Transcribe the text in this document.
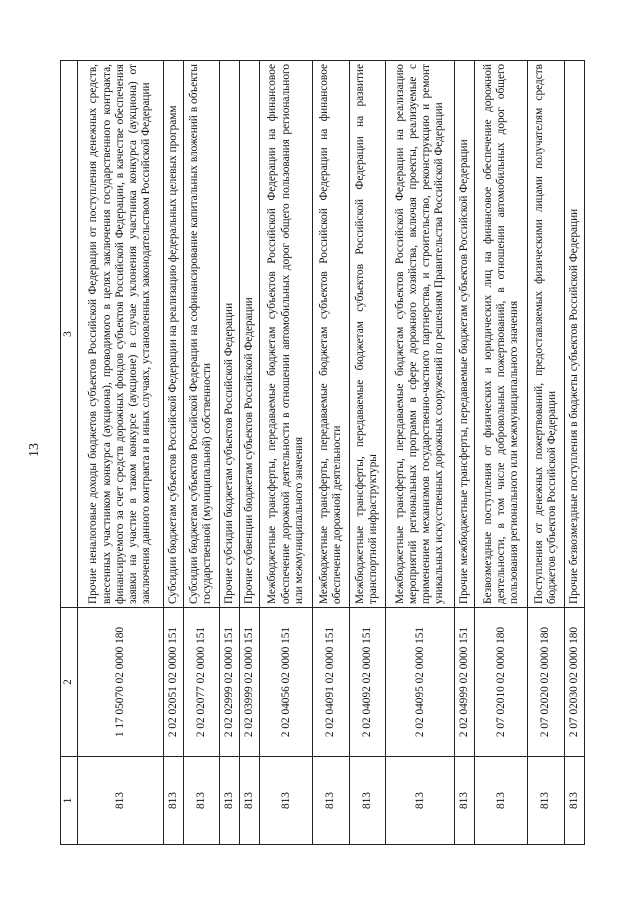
13
1	2	3
813	1 17 05070 02 0000 180	Прочие неналоговые доходы бюджетов субъектов Российской Федерации от поступления денежных средств, внесенных участником конкурса (аукциона), проводимого в целях заключения государственного контракта, финансируемого за счет средств дорожных фондов субъектов Российской Федерации, в качестве обеспечения заявки на участие в таком конкурсе (аукционе) в случае уклонения участника конкурса (аукциона) от заключения данного контракта и в иных случаях, установленных законодательством Российской Федерации
813	2 02 02051 02 0000 151	Субсидии бюджетам субъектов Российской Федерации на реализацию федеральных целевых программ
813	2 02 02077 02 0000 151	Субсидии бюджетам субъектов Российской Федерации на софинансирование капитальных вложений в объекты государственной (муниципальной) собственности
813	2 02 02999 02 0000 151	Прочие субсидии бюджетам субъектов Российской Федерации
813	2 02 03999 02 0000 151	Прочие субвенции бюджетам субъектов Российской Федерации
813	2 02 04056 02 0000 151	Межбюджетные трансферты, передаваемые бюджетам субъектов Российской Федерации на финансовое обеспечение дорожной деятельности в отношении автомобильных дорог общего пользования регионального или межмуниципального значения
813	2 02 04091 02 0000 151	Межбюджетные трансферты, передаваемые бюджетам субъектов Российской Федерации на финансовое обеспечение дорожной деятельности
813	2 02 04092 02 0000 151	Межбюджетные трансферты, передаваемые бюджетам субъектов Российской Федерации на развитие транспортной инфраструктуры
813	2 02 04095 02 0000 151	Межбюджетные трансферты, передаваемые бюджетам субъектов Российской Федерации на реализацию мероприятий региональных программ в сфере дорожного хозяйства, включая проекты, реализуемые с применением механизмов государственно-частного партнерства, и строительство, реконструкцию и ремонт уникальных искусственных дорожных сооружений по решениям Правительства Российской Федерации
813	2 02 04999 02 0000 151	Прочие межбюджетные трансферты, передаваемые бюджетам субъектов Российской Федерации
813	2 07 02010 02 0000 180	Безвозмездные поступления от физических и юридических лиц на финансовое обеспечение дорожной деятельности, в том числе добровольных пожертвований, в отношении автомобильных дорог общего пользования регионального или межмуниципального значения
813	2 07 02020 02 0000 180	Поступления от денежных пожертвований, предоставляемых физическими лицами получателям средств бюджетов субъектов Российской Федерации
813	2 07 02030 02 0000 180	Прочие безвозмездные поступления в бюджеты субъектов Российской Федерации
